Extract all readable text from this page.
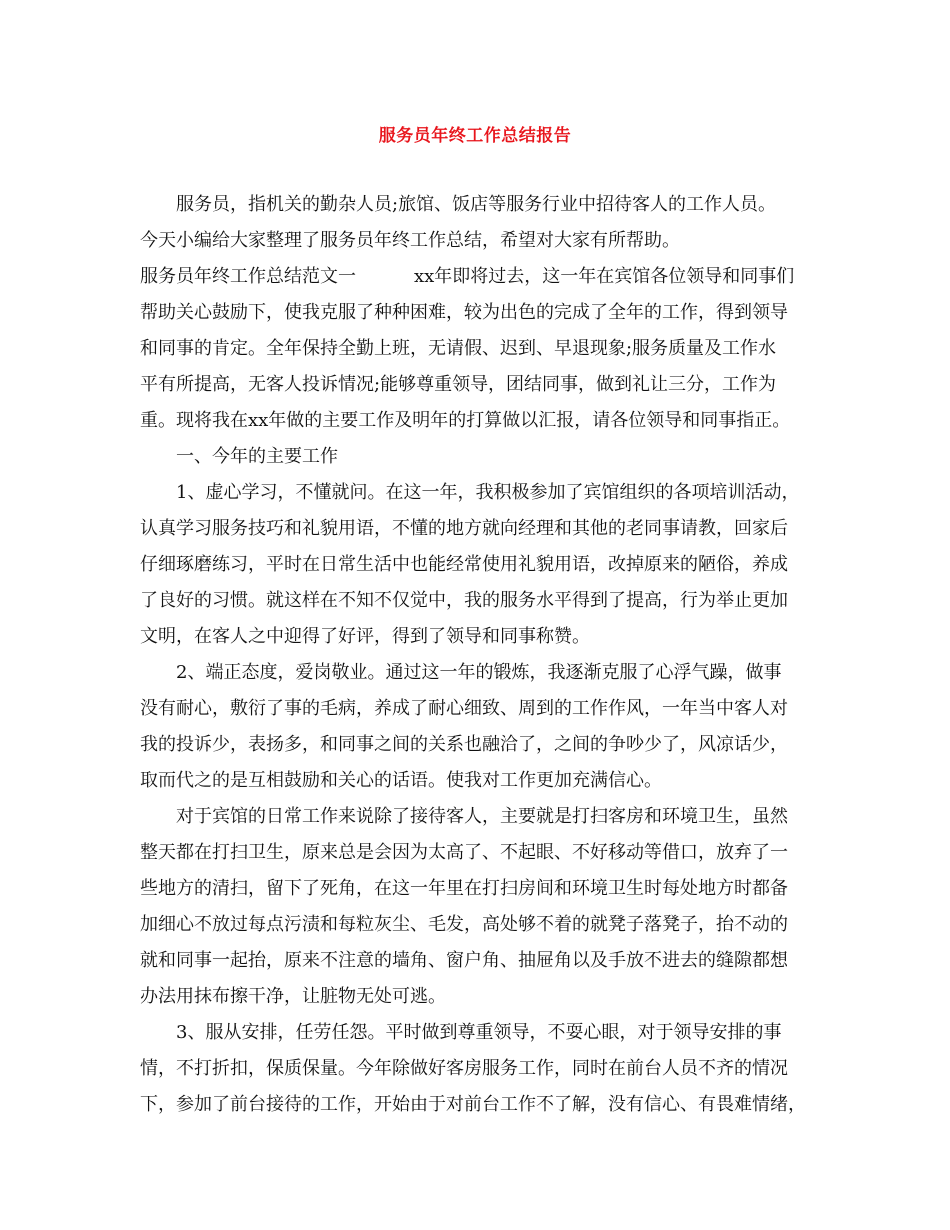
服务员年终工作总结报告
服务员，指机关的勤杂人员;旅馆、饭店等服务行业中招待客人的工作人员。
今天小编给大家整理了服务员年终工作总结，希望对大家有所帮助。
服务员年终工作总结范文一	xx年即将过去，这一年在宾馆各位领导和同事们
帮助关心鼓励下，使我克服了种种困难，较为出色的完成了全年的工作，得到领导
和同事的肯定。全年保持全勤上班，无请假、迟到、早退现象;服务质量及工作水
平有所提高，无客人投诉情况;能够尊重领导，团结同事，做到礼让三分，工作为
重。现将我在xx年做的主要工作及明年的打算做以汇报，请各位领导和同事指正。
一、今年的主要工作
1、虚心学习，不懂就问。在这一年，我积极参加了宾馆组织的各项培训活动，
认真学习服务技巧和礼貌用语，不懂的地方就向经理和其他的老同事请教，回家后
仔细琢磨练习，平时在日常生活中也能经常使用礼貌用语，改掉原来的陋俗，养成
了良好的习惯。就这样在不知不仅觉中，我的服务水平得到了提高，行为举止更加
文明，在客人之中迎得了好评，得到了领导和同事称赞。
2、端正态度，爱岗敬业。通过这一年的锻炼，我逐渐克服了心浮气躁，做事
没有耐心，敷衍了事的毛病，养成了耐心细致、周到的工作作风，一年当中客人对
我的投诉少，表扬多，和同事之间的关系也融洽了，之间的争吵少了，风凉话少，
取而代之的是互相鼓励和关心的话语。使我对工作更加充满信心。
对于宾馆的日常工作来说除了接待客人，主要就是打扫客房和环境卫生，虽然
整天都在打扫卫生，原来总是会因为太高了、不起眼、不好移动等借口，放弃了一
些地方的清扫，留下了死角，在这一年里在打扫房间和环境卫生时每处地方时都备
加细心不放过每点污渍和每粒灰尘、毛发，高处够不着的就凳子落凳子，抬不动的
就和同事一起抬，原来不注意的墙角、窗户角、抽屉角以及手放不进去的缝隙都想
办法用抹布擦干净，让脏物无处可逃。
3、服从安排，任劳任怨。平时做到尊重领导，不耍心眼，对于领导安排的事
情，不打折扣，保质保量。今年除做好客房服务工作，同时在前台人员不齐的情况
下，参加了前台接待的工作，开始由于对前台工作不了解，没有信心、有畏难情绪，
